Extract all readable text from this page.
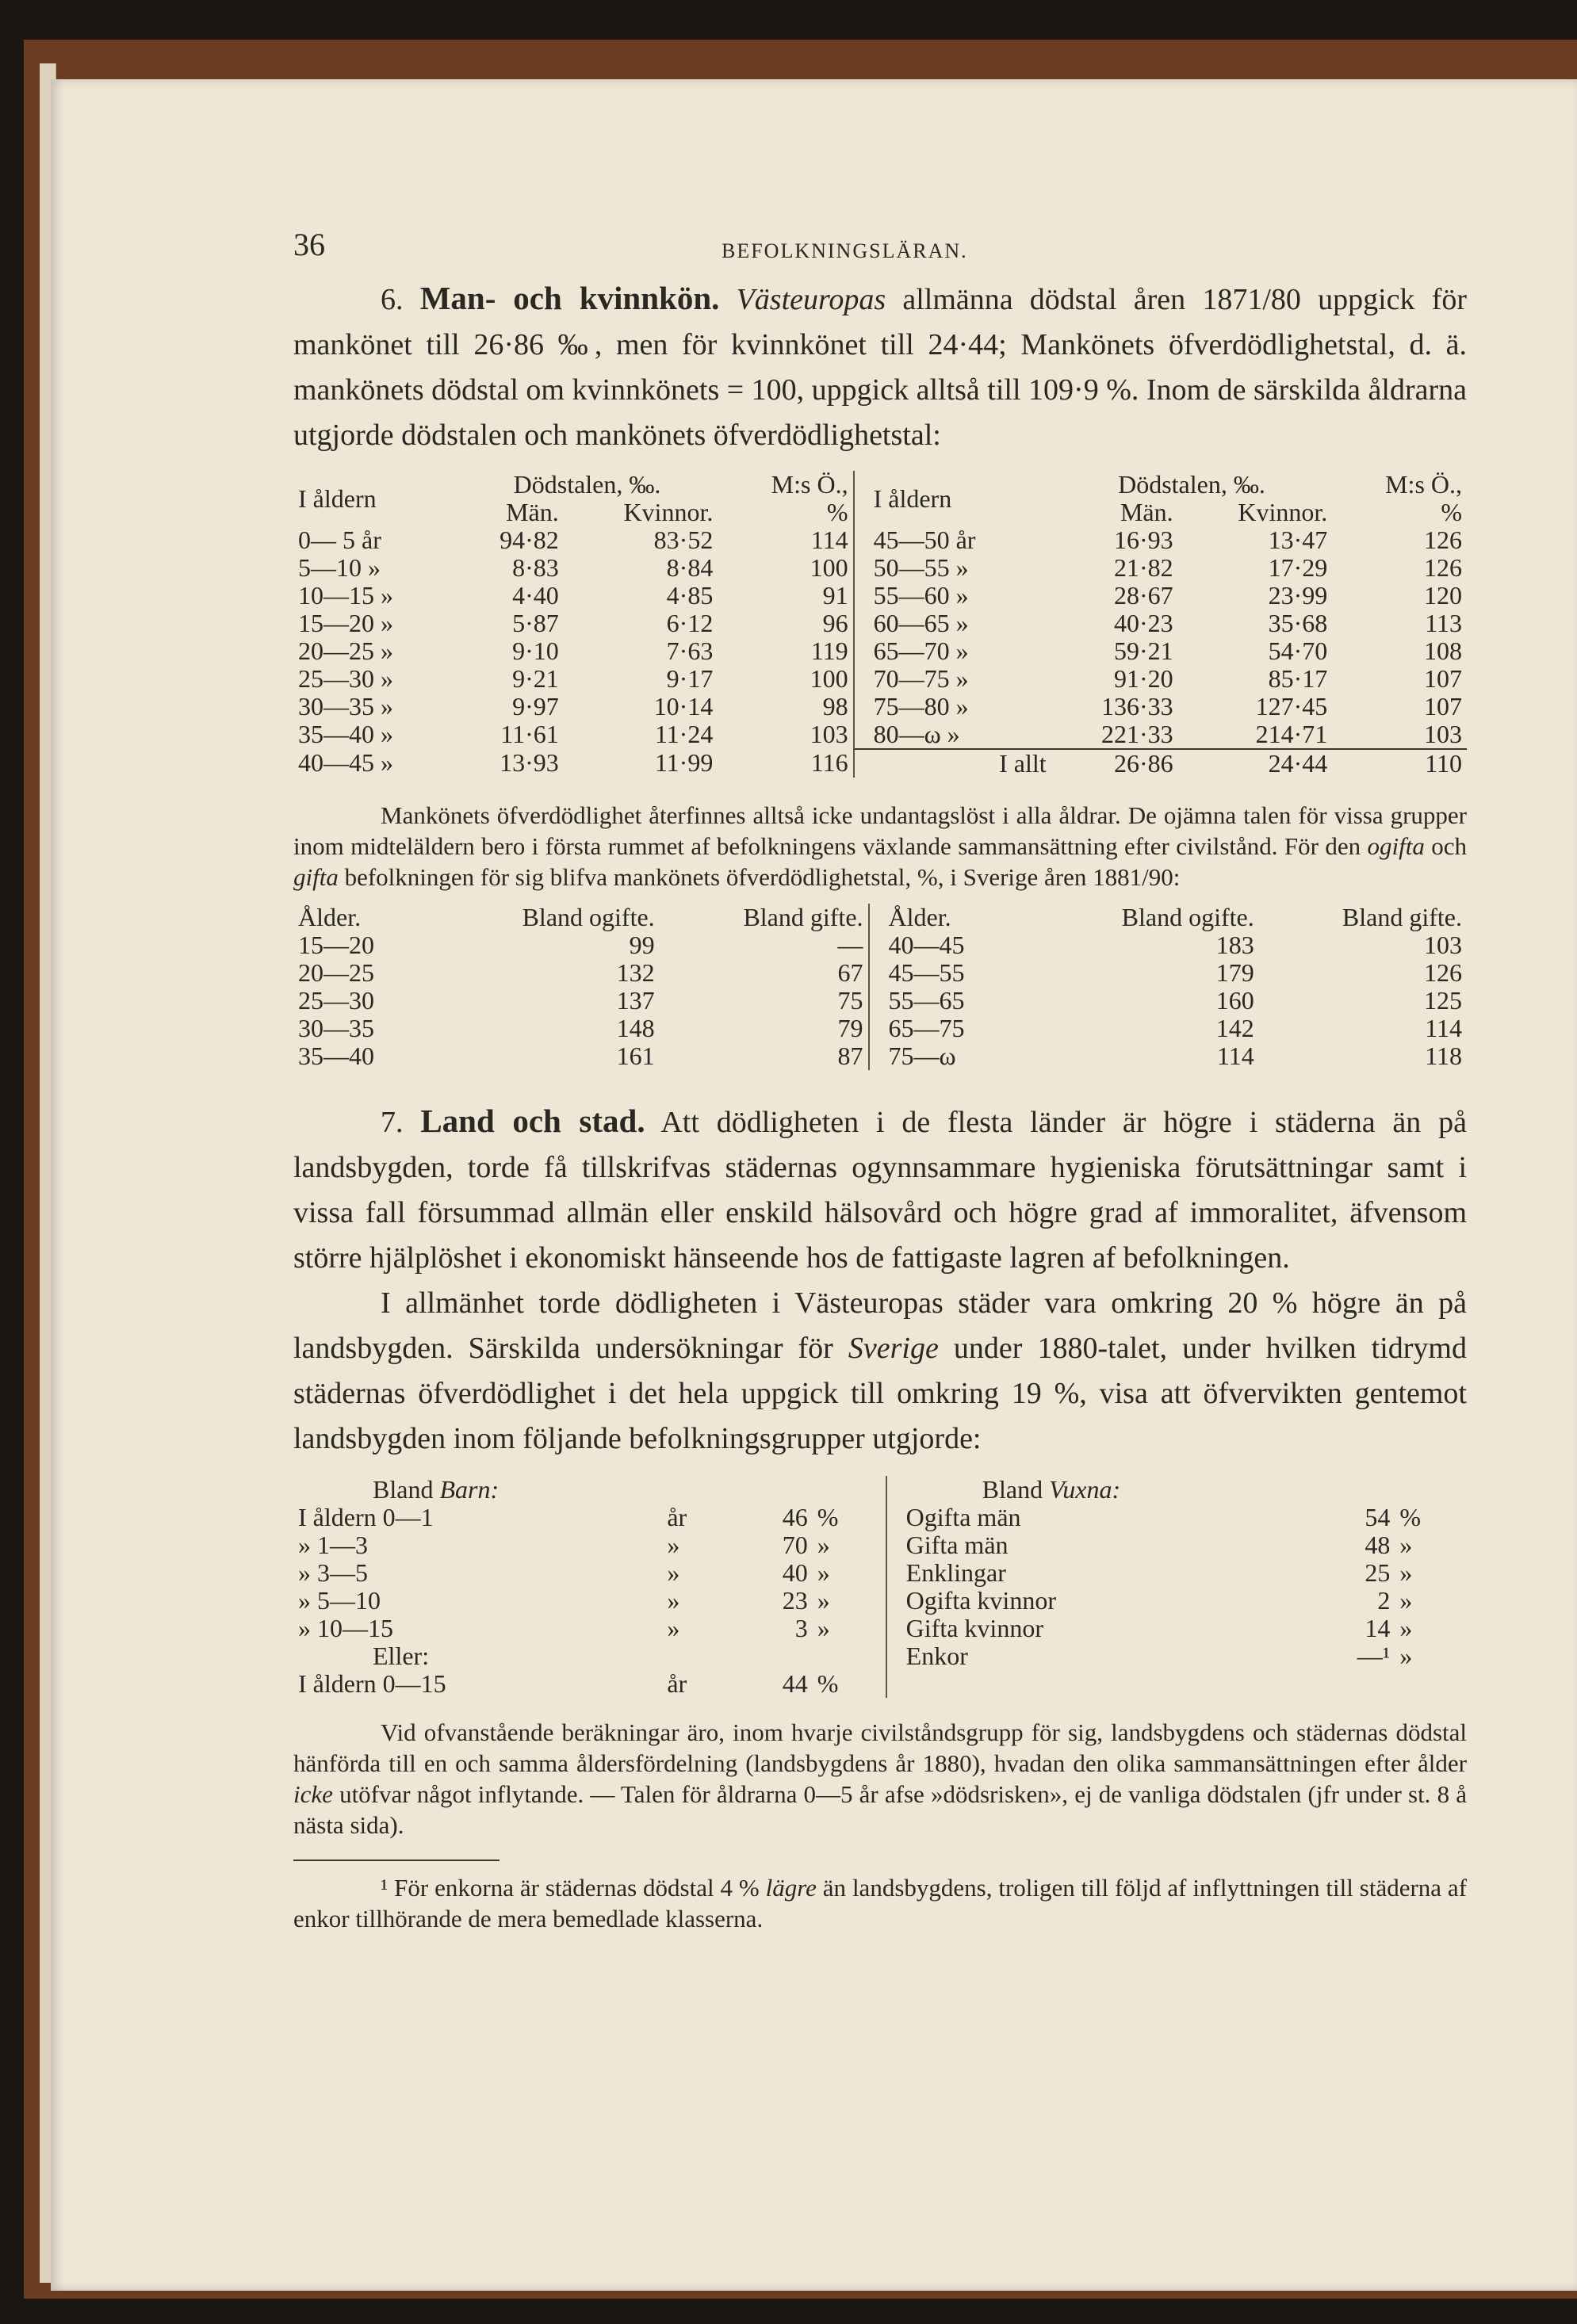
36	BEFOLKNINGSLÄRAN.

6. Man- och kvinnkön. Västeuropas allmänna dödstal åren 1871/80 uppgick för mankönet till 26·86 ‰, men för kvinnkönet till 24·44; Mankönets öfverdödlighetstal, d. ä. mankönets dödstal om kvinnkönets = 100, uppgick alltså till 109·9 %. Inom de särskilda åldrarna utgjorde dödstalen och mankönets öfverdödlighetstal:

I åldern	Dödstalen, ‰.		M:s Ö.,	I åldern	Dödstalen, ‰.		M:s Ö.,
	Män.	Kvinnor.	%		Män.	Kvinnor.	%
0— 5 år	94·82	83·52	114	45—50 år	16·93	13·47	126
5—10 »	8·83	8·84	100	50—55 »	21·82	17·29	126
10—15 »	4·40	4·85	91	55—60 »	28·67	23·99	120
15—20 »	5·87	6·12	96	60—65 »	40·23	35·68	113
20—25 »	9·10	7·63	119	65—70 »	59·21	54·70	108
25—30 »	9·21	9·17	100	70—75 »	91·20	85·17	107
30—35 »	9·97	10·14	98	75—80 »	136·33	127·45	107
35—40 »	11·61	11·24	103	80—ω »	221·33	214·71	103
40—45 »	13·93	11·99	116	I allt	26·86	24·44	110

Mankönets öfverdödlighet återfinnes alltså icke undantagslöst i alla åldrar. De ojämna talen för vissa grupper inom midteläldern bero i första rummet af befolkningens växlande sammansättning efter civilstånd. För den ogifta och gifta befolkningen för sig blifva mankönets öfverdödlighetstal, %, i Sverige åren 1881/90:

Ålder.	Bland ogifte.	Bland gifte.	Ålder.	Bland ogifte.	Bland gifte.
15—20	99	—	40—45	183	103
20—25	132	67	45—55	179	126
25—30	137	75	55—65	160	125
30—35	148	79	65—75	142	114
35—40	161	87	75—ω	114	118

7. Land och stad. Att dödligheten i de flesta länder är högre i städerna än på landsbygden, torde få tillskrifvas städernas ogynnsammare hygieniska förutsättningar samt i vissa fall försummad allmän eller enskild hälsovård och högre grad af immoralitet, äfvensom större hjälplöshet i ekonomiskt hänseende hos de fattigaste lagren af befolkningen.

I allmänhet torde dödligheten i Västeuropas städer vara omkring 20 % högre än på landsbygden. Särskilda undersökningar för Sverige under 1880-talet, under hvilken tidrymd städernas öfverdödlighet i det hela uppgick till omkring 19 %, visa att öfvervikten gentemot landsbygden inom följande befolkningsgrupper utgjorde:

Bland Barn:				Bland Vuxna:		
I åldern 0—1	år	46	%	Ogifta män	54	%
» 1—3	»	70	»	Gifta män	48	»
» 3—5	»	40	»	Enklingar	25	»
» 5—10	»	23	»	Ogifta kvinnor	2	»
» 10—15	»	3	»	Gifta kvinnor	14	»
Eller:				Enkor	—¹	»
I åldern 0—15	år	44	%			

Vid ofvanstående beräkningar äro, inom hvarje civilståndsgrupp för sig, landsbygdens och städernas dödstal hänförda till en och samma åldersfördelning (landsbygdens år 1880), hvadan den olika sammansättningen efter ålder icke utöfvar något inflytande. — Talen för åldrarna 0—5 år afse »dödsrisken», ej de vanliga dödstalen (jfr under st. 8 å nästa sida).

¹ För enkorna är städernas dödstal 4 % lägre än landsbygdens, troligen till följd af inflyttningen till städerna af enkor tillhörande de mera bemedlade klasserna.
